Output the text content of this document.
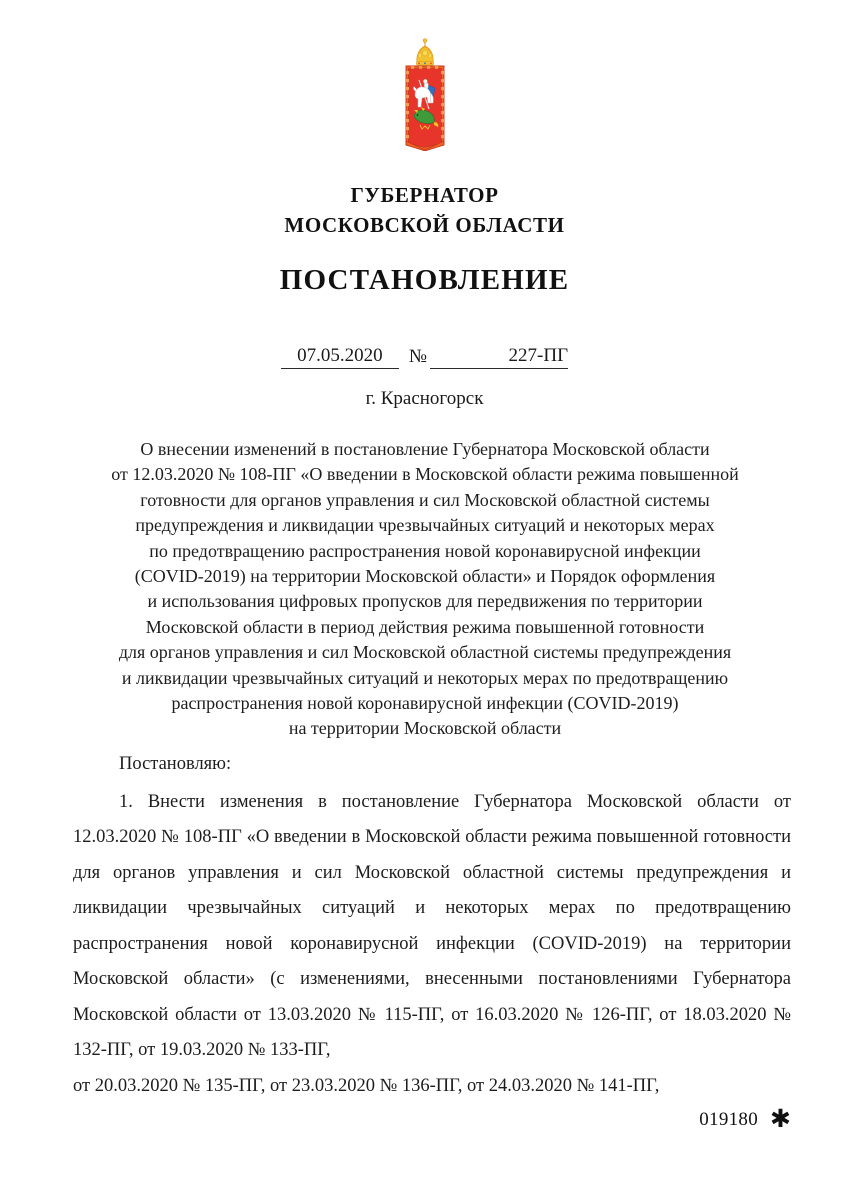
ГУБЕРНАТОР
МОСКОВСКОЙ ОБЛАСТИ
ПОСТАНОВЛЕНИЕ
07.05.2020	№	227-ПГ
г. Красногорск
О внесении изменений в постановление Губернатора Московской области
от 12.03.2020 № 108-ПГ «О введении в Московской области режима повышенной
готовности для органов управления и сил Московской областной системы
предупреждения и ликвидации чрезвычайных ситуаций и некоторых мерах
по предотвращению распространения новой коронавирусной инфекции
(COVID-2019) на территории Московской области» и Порядок оформления
и использования цифровых пропусков для передвижения по территории
Московской области в период действия режима повышенной готовности
для органов управления и сил Московской областной системы предупреждения
и ликвидации чрезвычайных ситуаций и некоторых мерах по предотвращению
распространения новой коронавирусной инфекции (COVID-2019)
на территории Московской области

Постановляю:

1. Внести изменения в постановление Губернатора Московской области от 12.03.2020 № 108-ПГ «О введении в Московской области режима повышенной готовности для органов управления и сил Московской областной системы предупреждения и ликвидации чрезвычайных ситуаций и некоторых мерах по предотвращению распространения новой коронавирусной инфекции (COVID-2019) на территории Московской области» (с изменениями, внесенными постановлениями Губернатора Московской области от 13.03.2020 № 115-ПГ, от 16.03.2020 № 126-ПГ, от 18.03.2020 № 132-ПГ, от 19.03.2020 № 133-ПГ,

от 20.03.2020 № 135-ПГ, от 23.03.2020 № 136-ПГ, от 24.03.2020 № 141-ПГ,

019180 ✱
